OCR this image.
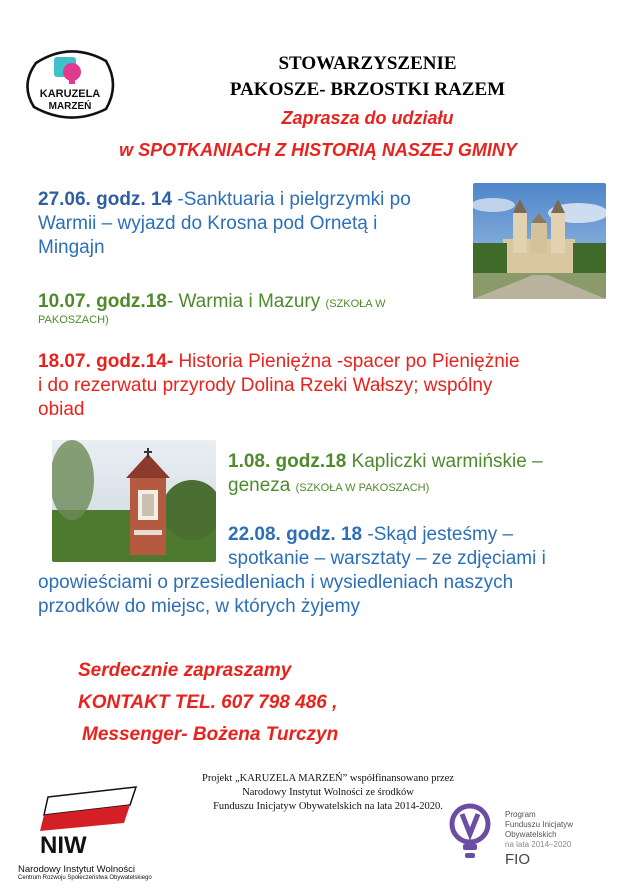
KARUZELA
MARZEŃ
STOWARZYSZENIE
PAKOSZE- BRZOSTKI RAZEM
Zaprasza do udziału
w SPOTKANIACH Z HISTORIĄ NASZEJ GMINY
27.06. godz. 14 -Sanktuaria i pielgrzymki po
Warmii – wyjazd do Krosna pod Ornetą i
Mingajn
10.07. godz.18- Warmia i Mazury (SZKOŁA W
PAKOSZACH)
18.07. godz.14- Historia Pieniężna -spacer po Pieniężnie
i do rezerwatu przyrody Dolina Rzeki Wałszy; wspólny
obiad
1.08. godz.18 Kapliczki warmińskie –
geneza (SZKOŁA W PAKOSZACH)
22.08. godz. 18 -Skąd jesteśmy –
spotkanie – warsztaty – ze zdjęciami i
opowieściami o przesiedleniach i wysiedleniach naszych
przodków do miejsc, w których żyjemy
Serdecznie zapraszamy
KONTAKT TEL. 607 798 486 ,
Messenger- Bożena Turczyn
Projekt „KARUZELA MARZEŃ” współfinansowano przez
Narodowy Instytut Wolności ze środków
Funduszu Inicjatyw Obywatelskich na lata 2014-2020.
NIW
Narodowy Instytut Wolności
Centrum Rozwoju Społeczeństwa Obywatelskiego
Program
Funduszu Inicjatyw
Obywatelskich
na lata 2014–2020
FIO
